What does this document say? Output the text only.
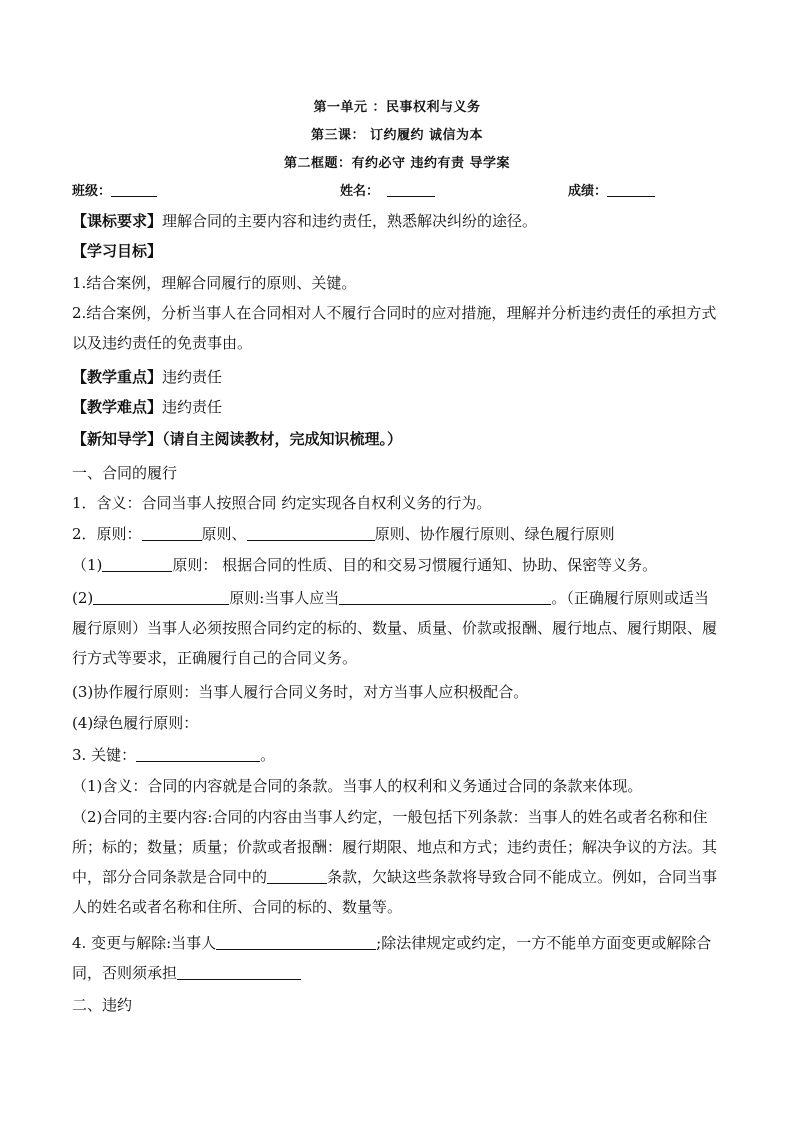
第一单元 ：民事权利与义务
第三课： 订约履约 诚信为本
第二框题：有约必守 违约有责 导学案
班级：	姓名：	成绩：

【课标要求】理解合同的主要内容和违约责任，熟悉解决纠纷的途径。

【学习目标】

1.结合案例，理解合同履行的原则、关键。

2.结合案例，分析当事人在合同相对人不履行合同时的应对措施，理解并分析违约责任的承担方式以及违约责任的免责事由。

【教学重点】违约责任

【教学难点】违约责任

【新知导学】（请自主阅读教材，完成知识梳理。）

一、合同的履行

1．含义：合同当事人按照合同 约定实现各自权利义务的行为。

2．原则：	原则、	原则、协作履行原则、绿色履行原则

（1)	原则： 根据合同的性质、目的和交易习惯履行通知、协助、保密等义务。

(2)	原则:当事人应当	。（正确履行原则或适当履行原则）当事人必须按照合同约定的标的、数量、质量、价款或报酬、履行地点、履行期限、履行方式等要求，正确履行自己的合同义务。

(3)协作履行原则：当事人履行合同义务时，对方当事人应积极配合。

(4)绿色履行原则：

3. 关键：	。

（1)含义：合同的内容就是合同的条款。当事人的权利和义务通过合同的条款来体现。

（2)合同的主要内容:合同的内容由当事人约定，一般包括下列条款：当事人的姓名或者名称和住所；标的；数量；质量；价款或者报酬：履行期限、地点和方式；违约责任；解决争议的方法。其中，部分合同条款是合同中的	条款，欠缺这些条款将导致合同不能成立。例如，合同当事人的姓名或者名称和住所、合同的标的、数量等。

4. 变更与解除:当事人	;除法律规定或约定，一方不能单方面变更或解除合同，否则须承担

二、违约
